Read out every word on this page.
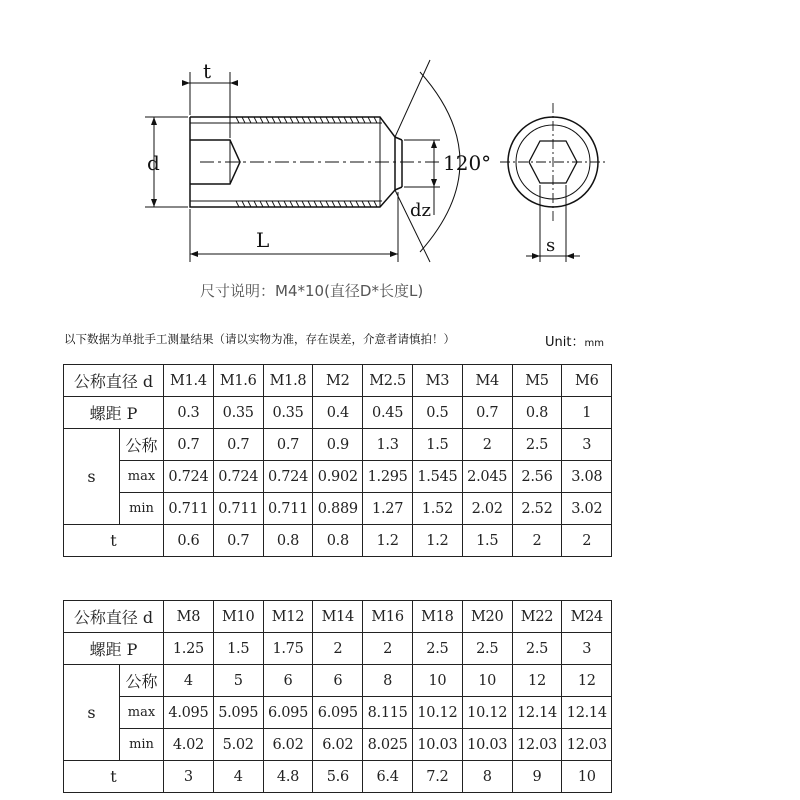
t
d
L
dz
120°
s
尺寸说明：M4*10(直径D*长度L)
以下数据为单批手工测量结果（请以实物为准，存在误差，介意者请慎拍！）	Unit：mm
公称直径 d		M1.4	M1.6	M1.8	M2	M2.5	M3	M4	M5	M6
螺距 P		0.3	0.35	0.35	0.4	0.45	0.5	0.7	0.8	1
s	公称	0.7	0.7	0.7	0.9	1.3	1.5	2	2.5	3
	max	0.724	0.724	0.724	0.902	1.295	1.545	2.045	2.56	3.08
	min	0.711	0.711	0.711	0.889	1.27	1.52	2.02	2.52	3.02
t		0.6	0.7	0.8	0.8	1.2	1.2	1.5	2	2
公称直径 d		M8	M10	M12	M14	M16	M18	M20	M22	M24
螺距 P		1.25	1.5	1.75	2	2	2.5	2.5	2.5	3
s	公称	4	5	6	6	8	10	10	12	12
	max	4.095	5.095	6.095	6.095	8.115	10.12	10.12	12.14	12.14
	min	4.02	5.02	6.02	6.02	8.025	10.03	10.03	12.03	12.03
t		3	4	4.8	5.6	6.4	7.2	8	9	10
